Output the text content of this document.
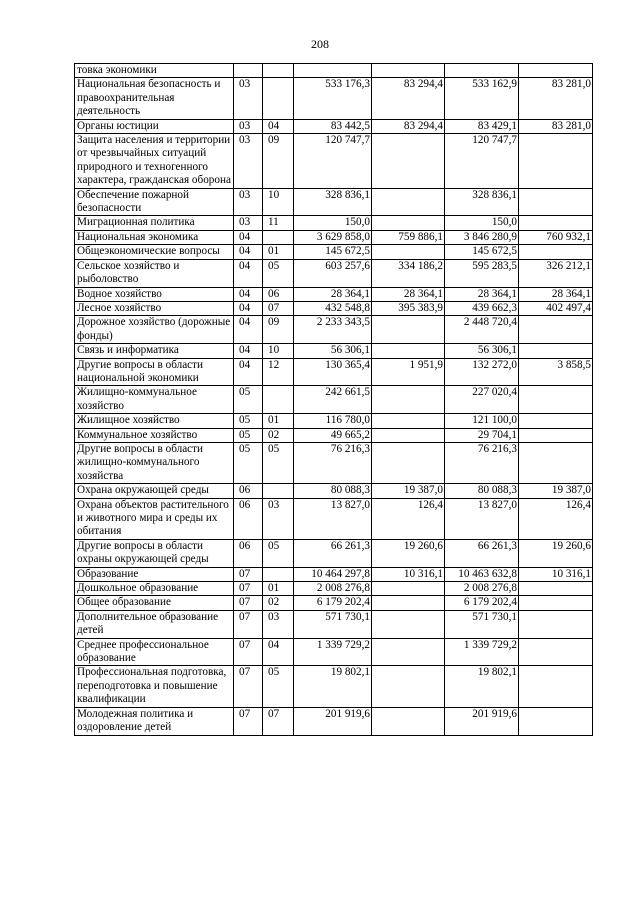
208
товка экономики						
Национальная безопасность и правоохранительная деятельность	03		533 176,3	83 294,4	533 162,9	83 281,0
Органы юстиции	03	04	83 442,5	83 294,4	83 429,1	83 281,0
Защита населения и территории от чрезвычайных ситуаций природного и техногенного характера, гражданская оборона	03	09	120 747,7		120 747,7	
Обеспечение пожарной безопасности	03	10	328 836,1		328 836,1	
Миграционная политика	03	11	150,0		150,0	
Национальная экономика	04		3 629 858,0	759 886,1	3 846 280,9	760 932,1
Общеэкономические вопросы	04	01	145 672,5		145 672,5	
Сельское хозяйство и рыболовство	04	05	603 257,6	334 186,2	595 283,5	326 212,1
Водное хозяйство	04	06	28 364,1	28 364,1	28 364,1	28 364,1
Лесное хозяйство	04	07	432 548,8	395 383,9	439 662,3	402 497,4
Дорожное хозяйство (дорожные фонды)	04	09	2 233 343,5		2 448 720,4	
Связь и информатика	04	10	56 306,1		56 306,1	
Другие вопросы в области национальной экономики	04	12	130 365,4	1 951,9	132 272,0	3 858,5
Жилищно-коммунальное хозяйство	05		242 661,5		227 020,4	
Жилищное хозяйство	05	01	116 780,0		121 100,0	
Коммунальное хозяйство	05	02	49 665,2		29 704,1	
Другие вопросы в области жилищно-коммунального хозяйства	05	05	76 216,3		76 216,3	
Охрана окружающей среды	06		80 088,3	19 387,0	80 088,3	19 387,0
Охрана объектов растительного и животного мира и среды их обитания	06	03	13 827,0	126,4	13 827,0	126,4
Другие вопросы в области охраны окружающей среды	06	05	66 261,3	19 260,6	66 261,3	19 260,6
Образование	07		10 464 297,8	10 316,1	10 463 632,8	10 316,1
Дошкольное образование	07	01	2 008 276,8		2 008 276,8	
Общее образование	07	02	6 179 202,4		6 179 202,4	
Дополнительное образование детей	07	03	571 730,1		571 730,1	
Среднее профессиональное образование	07	04	1 339 729,2		1 339 729,2	
Профессиональная подготовка, переподготовка и повышение квалификации	07	05	19 802,1		19 802,1	
Молодежная политика и оздоровление детей	07	07	201 919,6		201 919,6	
